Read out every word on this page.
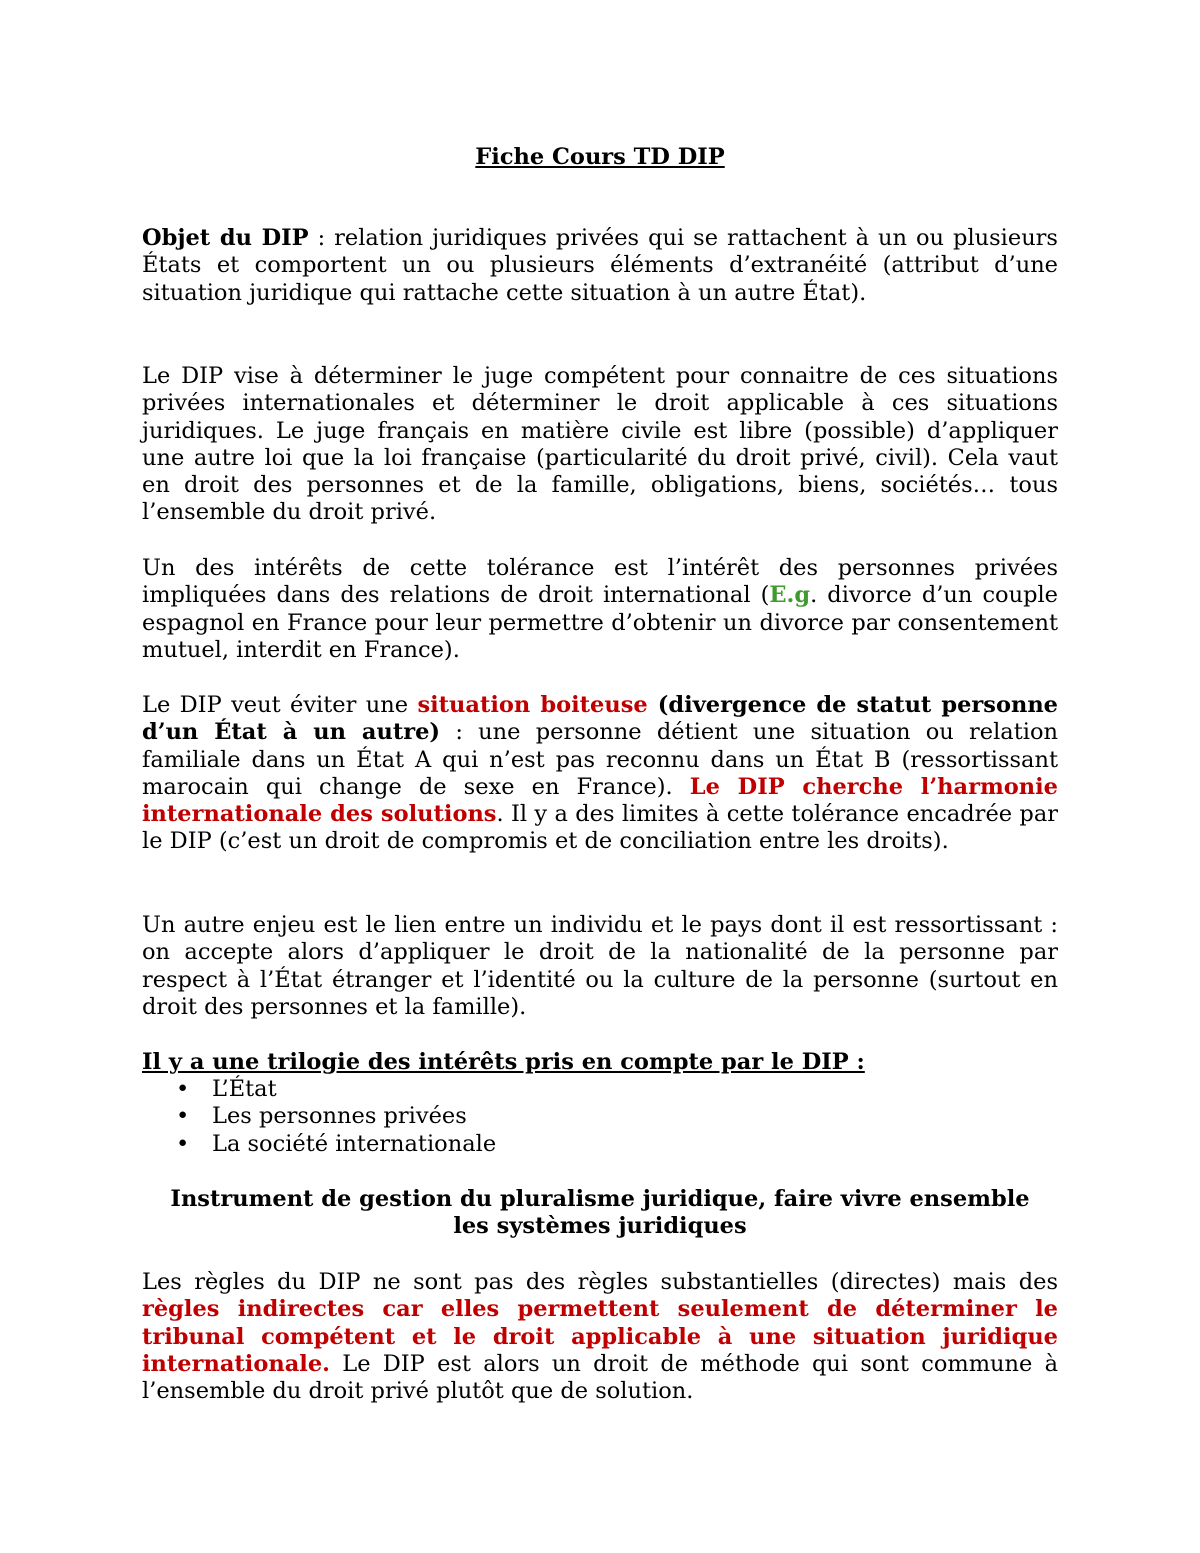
Fiche Cours TD DIP

Objet du DIP : relation juridiques privées qui se rattachent à un ou plusieurs États et comportent un ou plusieurs éléments d’extranéité (attribut d’une situation juridique qui rattache cette situation à un autre État).

Le DIP vise à déterminer le juge compétent pour connaitre de ces situations privées internationales et déterminer le droit applicable à ces situations juridiques. Le juge français en matière civile est libre (possible) d’appliquer une autre loi que la loi française (particularité du droit privé, civil). Cela vaut en droit des personnes et de la famille, obligations, biens, sociétés… tous l’ensemble du droit privé.

Un des intérêts de cette tolérance est l’intérêt des personnes privées impliquées dans des relations de droit international (E.g. divorce d’un couple espagnol en France pour leur permettre d’obtenir un divorce par consentement mutuel, interdit en France).

Le DIP veut éviter une situation boiteuse (divergence de statut personne d’un État à un autre) : une personne détient une situation ou relation familiale dans un État A qui n’est pas reconnu dans un État B (ressortissant marocain qui change de sexe en France). Le DIP cherche l’harmonie internationale des solutions. Il y a des limites à cette tolérance encadrée par le DIP (c’est un droit de compromis et de conciliation entre les droits).

Un autre enjeu est le lien entre un individu et le pays dont il est ressortissant : on accepte alors d’appliquer le droit de la nationalité de la personne par respect à l’État étranger et l’identité ou la culture de la personne (surtout en droit des personnes et la famille).

Il y a une trilogie des intérêts pris en compte par le DIP :
• L’État
• Les personnes privées
• La société internationale
Instrument de gestion du pluralisme juridique, faire vivre ensemble
les systèmes juridiques

Les règles du DIP ne sont pas des règles substantielles (directes) mais des règles indirectes car elles permettent seulement de déterminer le tribunal compétent et le droit applicable à une situation juridique internationale. Le DIP est alors un droit de méthode qui sont commune à l’ensemble du droit privé plutôt que de solution.
